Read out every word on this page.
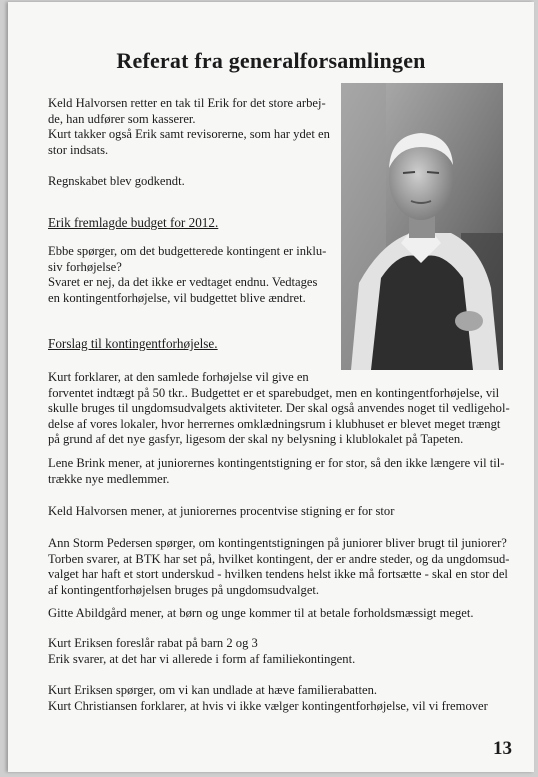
Referat fra generalforsamlingen
Keld Halvorsen retter en tak til Erik for det store arbej-
de, han udfører som kasserer.
Kurt takker også Erik samt revisorerne, som har ydet en
stor indsats.
Regnskabet blev godkendt.
Erik fremlagde budget for 2012.
Ebbe spørger, om det budgetterede kontingent er inklu-
siv forhøjelse?
Svaret er nej, da det ikke er vedtaget endnu. Vedtages
en kontingentforhøjelse, vil budgettet blive ændret.
Forslag til kontingentforhøjelse.
Kurt forklarer, at den samlede forhøjelse vil give en
forventet indtægt på 50 tkr.. Budgettet er et sparebudget, men en kontingentforhøjelse, vil
skulle bruges til ungdomsudvalgets aktiviteter. Der skal også anvendes noget til vedligehol-
delse af vores lokaler, hvor herrernes omklædningsrum i klubhuset er blevet meget trængt
på grund af det nye gasfyr, ligesom der skal ny belysning i klublokalet på Tapeten.
Lene Brink mener, at juniorernes kontingentstigning er for stor, så den ikke længere vil til-
trække nye medlemmer.
Keld Halvorsen mener, at juniorernes procentvise stigning er for stor
Ann Storm Pedersen spørger, om kontingentstigningen på juniorer bliver brugt til juniorer?
Torben svarer, at BTK har set på, hvilket kontingent, der er andre steder, og da ungdomsud-
valget har haft et stort underskud - hvilken tendens helst ikke må fortsætte - skal en stor del
af kontingentforhøjelsen bruges på ungdomsudvalget.
Gitte Abildgård mener, at børn og unge kommer til at betale forholdsmæssigt meget.
Kurt Eriksen foreslår rabat på barn 2 og 3
Erik svarer, at det har vi allerede i form af familiekontingent.
Kurt Eriksen spørger, om vi kan undlade at hæve familierabatten.
Kurt Christiansen forklarer, at hvis vi ikke vælger kontingentforhøjelse, vil vi fremover
13
